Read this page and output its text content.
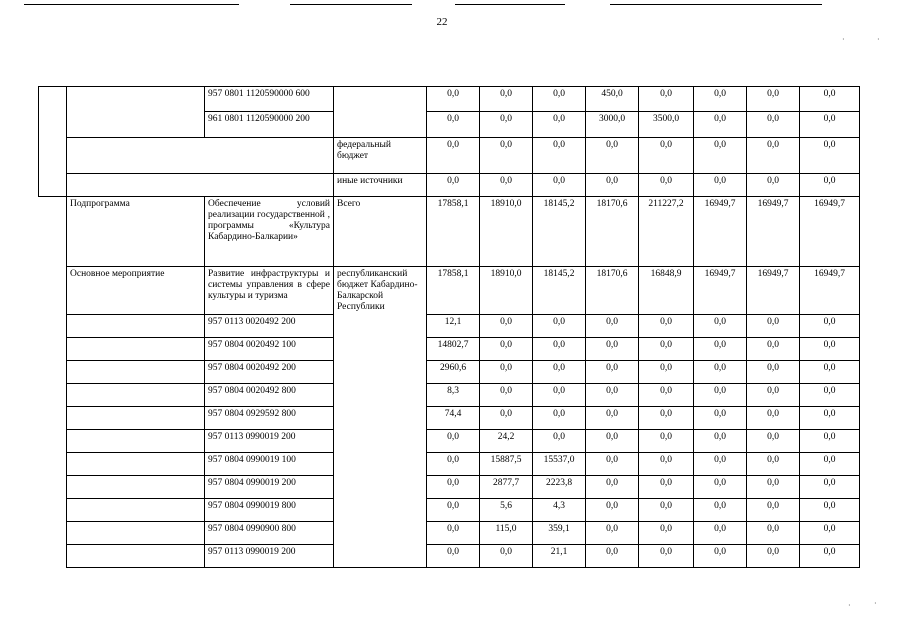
22
·	·
·	·
		957 0801 1120590000 600		0,0	0,0	0,0	450,0	0,0	0,0	0,0	0,0
		961 0801 1120590000 200		0,0	0,0	0,0	3000,0	3500,0	0,0	0,0	0,0
			федеральный бюджет	0,0	0,0	0,0	0,0	0,0	0,0	0,0	0,0
			иные источники	0,0	0,0	0,0	0,0	0,0	0,0	0,0	0,0
	Подпрограмма	Обеспечение условий реализации государственной , программы «Культура Кабардино-Балкарии»	Всего	17858,1	18910,0	18145,2	18170,6	211227,2	16949,7	16949,7	16949,7
	Основное мероприятие	Развитие инфраструктуры и системы управления в сфере культуры и туризма	республиканский бюджет Кабардино-Балкарской Республики	17858,1	18910,0	18145,2	18170,6	16848,9	16949,7	16949,7	16949,7
		957 0113 0020492 200		12,1	0,0	0,0	0,0	0,0	0,0	0,0	0,0
		957 0804 0020492 100		14802,7	0,0	0,0	0,0	0,0	0,0	0,0	0,0
		957 0804 0020492 200		2960,6	0,0	0,0	0,0	0,0	0,0	0,0	0,0
		957 0804 0020492 800		8,3	0,0	0,0	0,0	0,0	0,0	0,0	0,0
		957 0804 0929592 800		74,4	0,0	0,0	0,0	0,0	0,0	0,0	0,0
		957 0113 0990019 200		0,0	24,2	0,0	0,0	0,0	0,0	0,0	0,0
		957 0804 0990019 100		0,0	15887,5	15537,0	0,0	0,0	0,0	0,0	0,0
		957 0804 0990019 200		0,0	2877,7	2223,8	0,0	0,0	0,0	0,0	0,0
		957 0804 0990019 800		0,0	5,6	4,3	0,0	0,0	0,0	0,0	0,0
		957 0804 0990900 800		0,0	115,0	359,1	0,0	0,0	0,0	0,0	0,0
		957 0113 0990019 200		0,0	0,0	21,1	0,0	0,0	0,0	0,0	0,0
